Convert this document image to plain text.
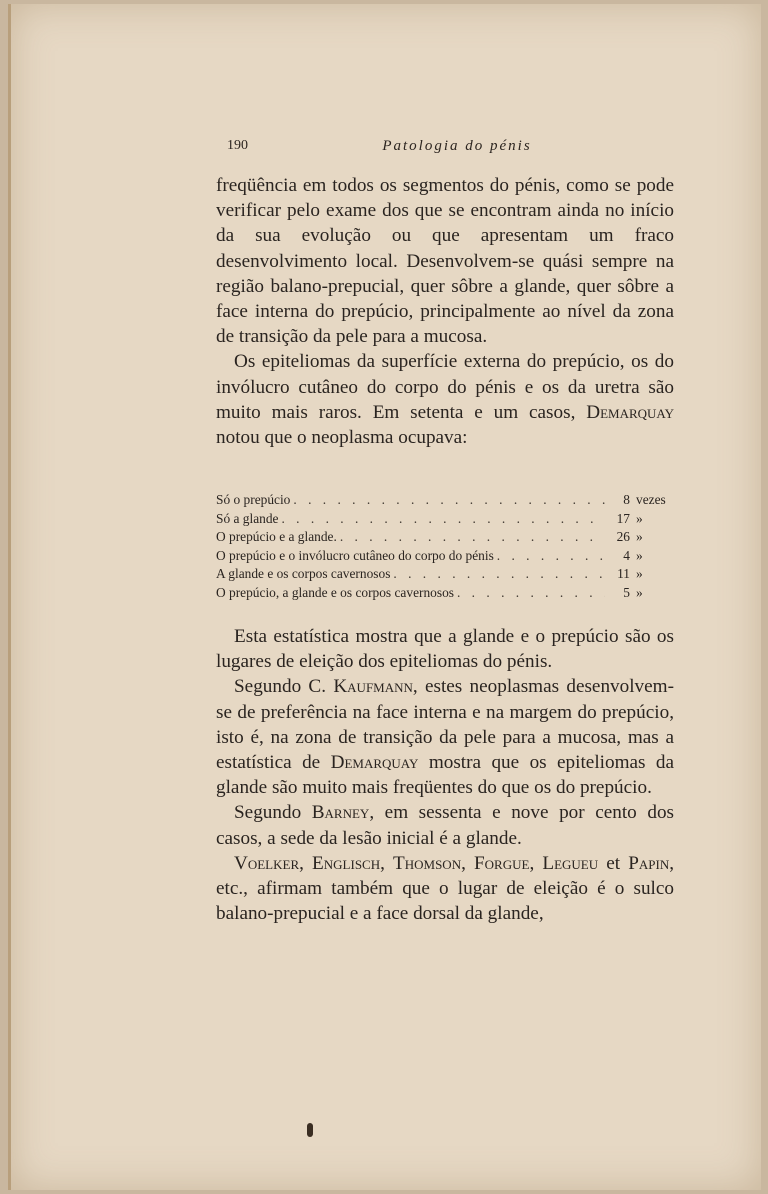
190	Patologia do pénis

freqüência em todos os segmentos do pénis, como se pode verificar pelo exame dos que se encontram ainda no início da sua evolução ou que apresentam um fraco desenvolvimento local. Desenvolvem-se quási sempre na região balano-prepucial, quer sôbre a glande, quer sôbre a face interna do prepúcio, principalmente ao nível da zona de transição da pele para a mucosa.

Os epiteliomas da superfície externa do prepúcio, os do invólucro cutâneo do corpo do pénis e os da uretra são muito mais raros. Em setenta e um casos, Demarquay notou que o neoplasma ocupava:

Só o prepúcio . . .	8 vezes
Só a glande . . .	17 »
O prepúcio e a glande. . . .	26 »
O prepúcio e o invólucro cutâneo do corpo do pénis . . .	4 »
A glande e os corpos cavernosos . . .	11 »
O prepúcio, a glande e os corpos cavernosos . . .	5 »

Esta estatística mostra que a glande e o prepúcio são os lugares de eleição dos epiteliomas do pénis.

Segundo C. Kaufmann, estes neoplasmas desenvolvem-se de preferência na face interna e na margem do prepúcio, isto é, na zona de transição da pele para a mucosa, mas a estatística de Demarquay mostra que os epiteliomas da glande são muito mais freqüentes do que os do prepúcio.

Segundo Barney, em sessenta e nove por cento dos casos, a sede da lesão inicial é a glande.

Voelker, Englisch, Thomson, Forgue, Legueu et Papin, etc., afirmam também que o lugar de eleição é o sulco balano-prepucial e a face dorsal da glande,
